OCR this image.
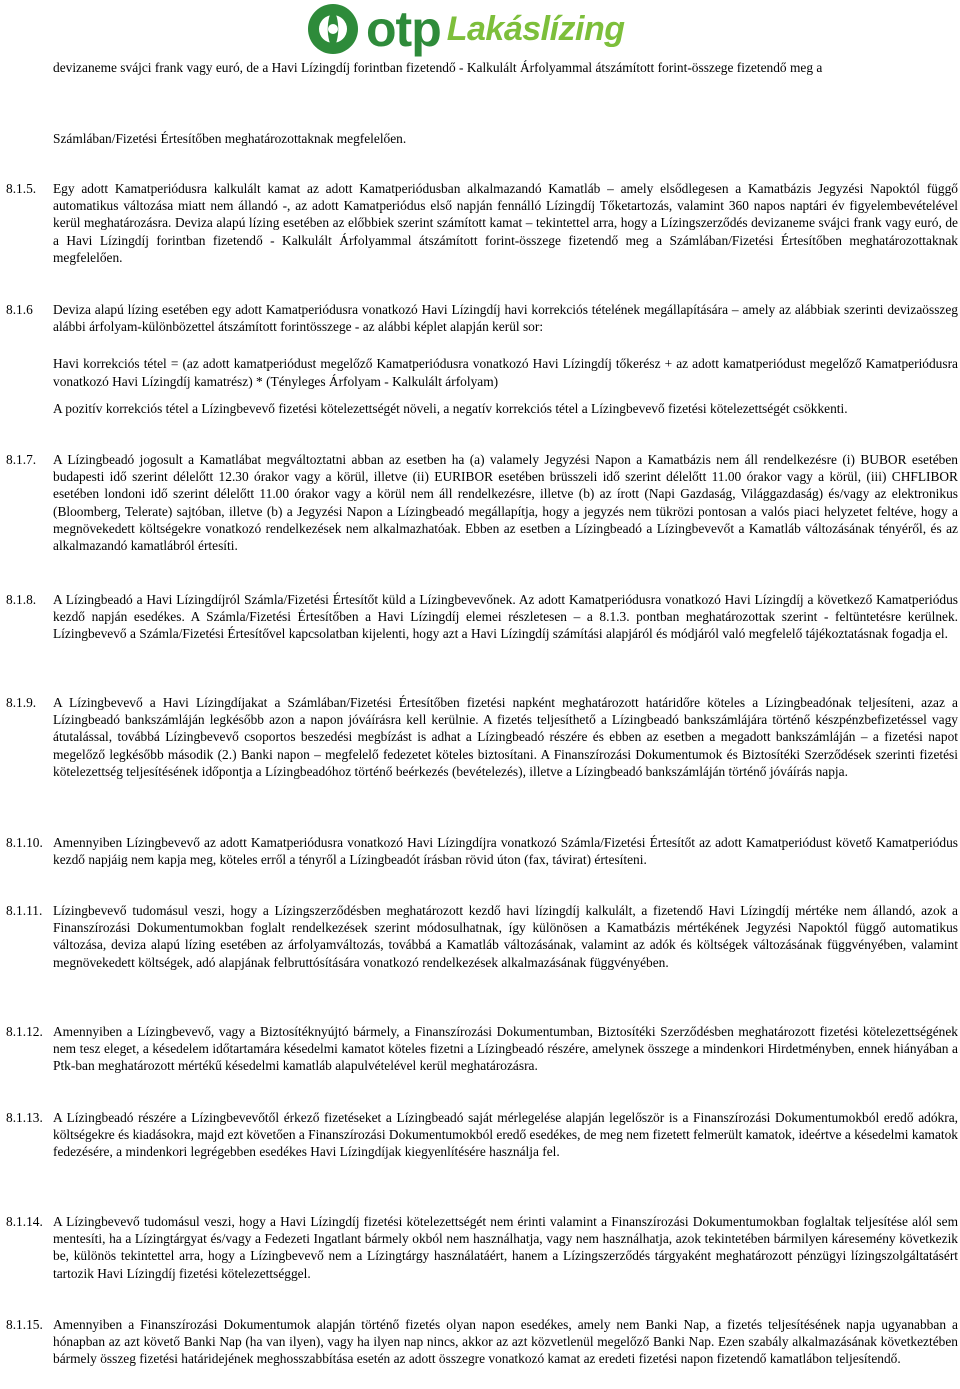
otp Lakáslízing

devizaneme svájci frank vagy euró, de a Havi Lízingdíj forintban fizetendő - Kalkulált Árfolyammal átszámított forint-összege fizetendő meg a

Számlában/Fizetési Értesítőben meghatározottaknak megfelelően.

8.1.5.	Egy adott Kamatperiódusra kalkulált kamat az adott Kamatperiódusban alkalmazandó Kamatláb – amely elsődlegesen a Kamatbázis Jegyzési Napoktól függő automatikus változása miatt nem állandó -, az adott Kamatperiódus első napján fennálló Lízingdíj Tőketartozás, valamint 360 napos naptári év figyelembevételével kerül meghatározásra. Deviza alapú lízing esetében az előbbiek szerint számított kamat – tekintettel arra, hogy a Lízingszerződés devizaneme svájci frank vagy euró, de a Havi Lízingdíj forintban fizetendő - Kalkulált Árfolyammal átszámított forint-összege fizetendő meg a Számlában/Fizetési Értesítőben meghatározottaknak megfelelően.

8.1.6	Deviza alapú lízing esetében egy adott Kamatperiódusra vonatkozó Havi Lízingdíj havi korrekciós tételének megállapítására – amely az alábbiak szerinti devizaösszeg alábbi árfolyam-különbözettel átszámított forintösszege - az alábbi képlet alapján kerül sor:

Havi korrekciós tétel = (az adott kamatperiódust megelőző Kamatperiódusra vonatkozó Havi Lízingdíj tőkerész + az adott kamatperiódust megelőző Kamatperiódusra vonatkozó Havi Lízingdíj kamatrész) * (Tényleges Árfolyam - Kalkulált árfolyam)

A pozitív korrekciós tétel a Lízingbevevő fizetési kötelezettségét növeli, a negatív korrekciós tétel a Lízingbevevő fizetési kötelezettségét csökkenti.

8.1.7.	A Lízingbeadó jogosult a Kamatlábat megváltoztatni abban az esetben ha (a) valamely Jegyzési Napon a Kamatbázis nem áll rendelkezésre (i) BUBOR esetében budapesti idő szerint délelőtt 12.30 órakor vagy a körül, illetve (ii) EURIBOR esetében brüsszeli idő szerint délelőtt 11.00 órakor vagy a körül, (iii) CHFLIBOR esetében londoni idő szerint délelőtt 11.00 órakor vagy a körül nem áll rendelkezésre, illetve (b) az írott (Napi Gazdaság, Világgazdaság) és/vagy az elektronikus (Bloomberg, Telerate) sajtóban, illetve (b) a Jegyzési Napon a Lízingbeadó megállapítja, hogy a jegyzés nem tükrözi pontosan a valós piaci helyzetet feltéve, hogy a megnövekedett költségekre vonatkozó rendelkezések nem alkalmazhatóak. Ebben az esetben a Lízingbeadó a Lízingbevevőt a Kamatláb változásának tényéről, és az alkalmazandó kamatlábról értesíti.

8.1.8.	A Lízingbeadó a Havi Lízingdíjról Számla/Fizetési Értesítőt küld a Lízingbevevőnek. Az adott Kamatperiódusra vonatkozó Havi Lízingdíj a következő Kamatperiódus kezdő napján esedékes. A Számla/Fizetési Értesítőben a Havi Lízingdíj elemei részletesen – a 8.1.3. pontban meghatározottak szerint - feltüntetésre kerülnek. Lízingbevevő a Számla/Fizetési Értesítővel kapcsolatban kijelenti, hogy azt a Havi Lízingdíj számítási alapjáról és módjáról való megfelelő tájékoztatásnak fogadja el.

8.1.9.	A Lízingbevevő a Havi Lízingdíjakat a Számlában/Fizetési Értesítőben fizetési napként meghatározott határidőre köteles a Lízingbeadónak teljesíteni, azaz a Lízingbeadó bankszámláján legkésőbb azon a napon jóváírásra kell kerülnie. A fizetés teljesíthető a Lízingbeadó bankszámlájára történő készpénzbefizetéssel vagy átutalással, továbbá Lízingbevevő csoportos beszedési megbízást is adhat a Lízingbeadó részére és ebben az esetben a megadott bankszámláján – a fizetési napot megelőző legkésőbb második (2.) Banki napon – megfelelő fedezetet köteles biztosítani. A Finanszírozási Dokumentumok és Biztosítéki Szerződések szerinti fizetési kötelezettség teljesítésének időpontja a Lízingbeadóhoz történő beérkezés (bevételezés), illetve a Lízingbeadó bankszámláján történő jóváírás napja.

8.1.10. Amennyiben Lízingbevevő az adott Kamatperiódusra vonatkozó Havi Lízingdíjra vonatkozó Számla/Fizetési Értesítőt az adott Kamatperiódust követő Kamatperiódus kezdő napjáig nem kapja meg, köteles erről a tényről a Lízingbeadót írásban rövid úton (fax, távirat) értesíteni.

8.1.11. Lízingbevevő tudomásul veszi, hogy a Lízingszerződésben meghatározott kezdő havi lízingdíj kalkulált, a fizetendő Havi Lízingdíj mértéke nem állandó, azok a Finanszírozási Dokumentumokban foglalt rendelkezések szerint módosulhatnak, így különösen a Kamatbázis mértékének Jegyzési Napoktól függő automatikus változása, deviza alapú lízing esetében az árfolyamváltozás, továbbá a Kamatláb változásának, valamint az adók és költségek változásának függvényében, valamint megnövekedett költségek, adó alapjának felbruttósítására vonatkozó rendelkezések alkalmazásának függvényében.

8.1.12. Amennyiben a Lízingbevevő, vagy a Biztosítéknyújtó bármely, a Finanszírozási Dokumentumban, Biztosítéki Szerződésben meghatározott fizetési kötelezettségének nem tesz eleget, a késedelem időtartamára késedelmi kamatot köteles fizetni a Lízingbeadó részére, amelynek összege a mindenkori Hirdetményben, ennek hiányában a Ptk-ban meghatározott mértékű késedelmi kamatláb alapulvételével kerül meghatározásra.

8.1.13. A Lízingbeadó részére a Lízingbevevőtől érkező fizetéseket a Lízingbeadó saját mérlegelése alapján legelőször is a Finanszírozási Dokumentumokból eredő adókra, költségekre és kiadásokra, majd ezt követően a Finanszírozási Dokumentumokból eredő esedékes, de meg nem fizetett felmerült kamatok, ideértve a késedelmi kamatok fedezésére, a mindenkori legrégebben esedékes Havi Lízingdíjak kiegyenlítésére használja fel.

8.1.14. A Lízingbevevő tudomásul veszi, hogy a Havi Lízingdíj fizetési kötelezettségét nem érinti valamint a Finanszírozási Dokumentumokban foglaltak teljesítése alól sem mentesíti, ha a Lízingtárgyat és/vagy a Fedezeti Ingatlant bármely okból nem használhatja, vagy nem használhatja, azok tekintetében bármilyen káresemény következik be, különös tekintettel arra, hogy a Lízingbevevő nem a Lízingtárgy használatáért, hanem a Lízingszerződés tárgyaként meghatározott pénzügyi lízingszolgáltatásért tartozik Havi Lízingdíj fizetési kötelezettséggel.

8.1.15. Amennyiben a Finanszírozási Dokumentumok alapján történő fizetés olyan napon esedékes, amely nem Banki Nap, a fizetés teljesítésének napja ugyanabban a hónapban az azt követő Banki Nap (ha van ilyen), vagy ha ilyen nap nincs, akkor az azt közvetlenül megelőző Banki Nap. Ezen szabály alkalmazásának következtében bármely összeg fizetési határidejének meghosszabbítása esetén az adott összegre vonatkozó kamat az eredeti fizetési napon fizetendő kamatlábon teljesítendő.
